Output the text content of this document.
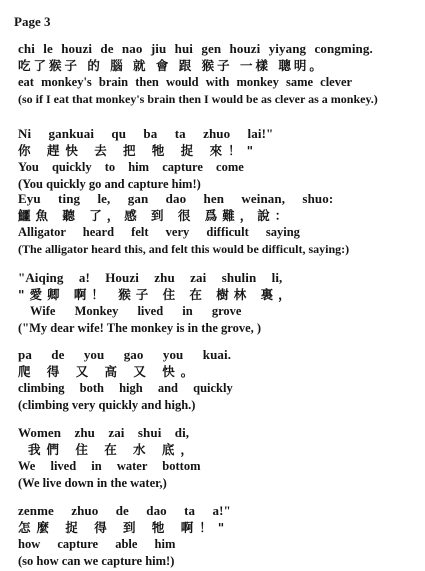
Page 3
chi le houzi de nao jiu hui gen houzi yiyang congming.
吃了猴子 的 腦 就 會 跟 猴子 一樣 聰明。
eat monkey's brain then would with monkey same clever
(so if I eat that monkey's brain then I would be as clever as a monkey.)
Ni gankuai qu ba ta zhuo lai!"
你 趕快 去 把 牠 捉 來！"
You quickly to him capture come
(You quickly go and capture him!)
Eyu ting le, gan dao hen weinan, shuo:
鱷魚 聽 了，感 到 很 爲難，說：
Alligator heard felt very difficult saying
(The alligator heard this, and felt this would be difficult, saying:)
"Aiqing a! Houzi zhu zai shulin li,
"愛卿 啊！ 猴子 住 在 樹林 裏，
Wife Monkey lived in grove
("My dear wife! The monkey is in the grove, )
pa de you gao you kuai.
爬 得 又 高 又 快。
climbing both high and quickly
(climbing very quickly and high.)
Women zhu zai shui di,
我們 住 在 水 底，
We lived in water bottom
(We live down in the water,)
zenme zhuo de dao ta a!"
怎麼 捉 得 到 牠 啊！"
how capture able him
(so how can we capture him!)
